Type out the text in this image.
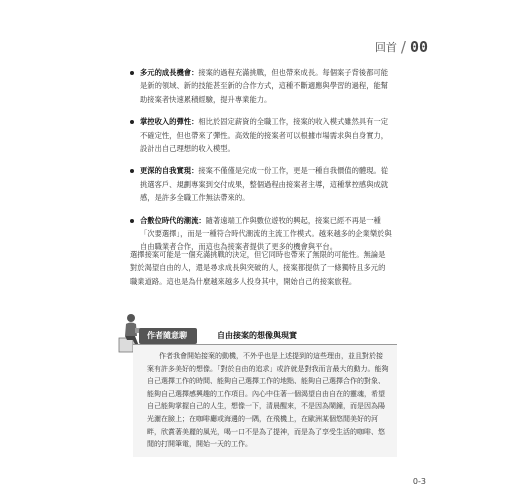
回首 / 00
多元的成長機會：接案的過程充滿挑戰，但也帶來成長。每個案子背後都可能是新的領域、新的技能甚至新的合作方式，這種不斷適應與學習的過程，能幫助接案者快速累積經驗，提升專業能力。
掌控收入的彈性：相比於固定薪資的全職工作，接案的收入模式雖然具有一定不確定性，但也帶來了彈性。高效能的接案者可以根據市場需求與自身實力，設計出自己理想的收入模型。
更深的自我實現：接案不僅僅是完成一份工作，更是一種自我價值的體現。從挑選客戶、規劃專案到交付成果，整個過程由接案者主導，這種掌控感與成就感，是許多全職工作無法帶來的。
合數位時代的潮流：隨著遠端工作與數位遊牧的興起，接案已經不再是一種「次要選擇」，而是一種符合時代潮流的主流工作模式。越來越多的企業樂於與自由職業者合作，而這也為接案者提供了更多的機會與平台。

選擇接案可能是一個充滿挑戰的決定，但它同時也帶來了無限的可能性。無論是對於渴望自由的人，還是尋求成長與突破的人，接案都提供了一條獨特且多元的職業道路。這也是為什麼越來越多人投身其中，開始自己的接案旅程。

作者隨意聊	自由接案的想像與現實
作者我會開始接案的動機，不外乎也是上述提到的這些理由，並且對於接案有許多美好的想像。「對於自由的追求」或許就是對我而言最大的動力。能夠自己選擇工作的時間、能夠自己選擇工作的地點、能夠自己選擇合作的對象、能夠自己選擇感興趣的工作項目。內心中住著一個渴望自由自在的靈魂，希望自己能夠掌握自己的人生，想像一下，清晨醒來，不是因為鬧鐘，而是因為陽光灑在臉上；在咖啡廳或海邊的一隅，在飛機上，在歐洲某個悠閒美好的河畔，欣賞著美麗的風光，喝一口不是為了提神，而是為了享受生活的咖啡、悠閒的打開筆電，開始一天的工作。
0-3
